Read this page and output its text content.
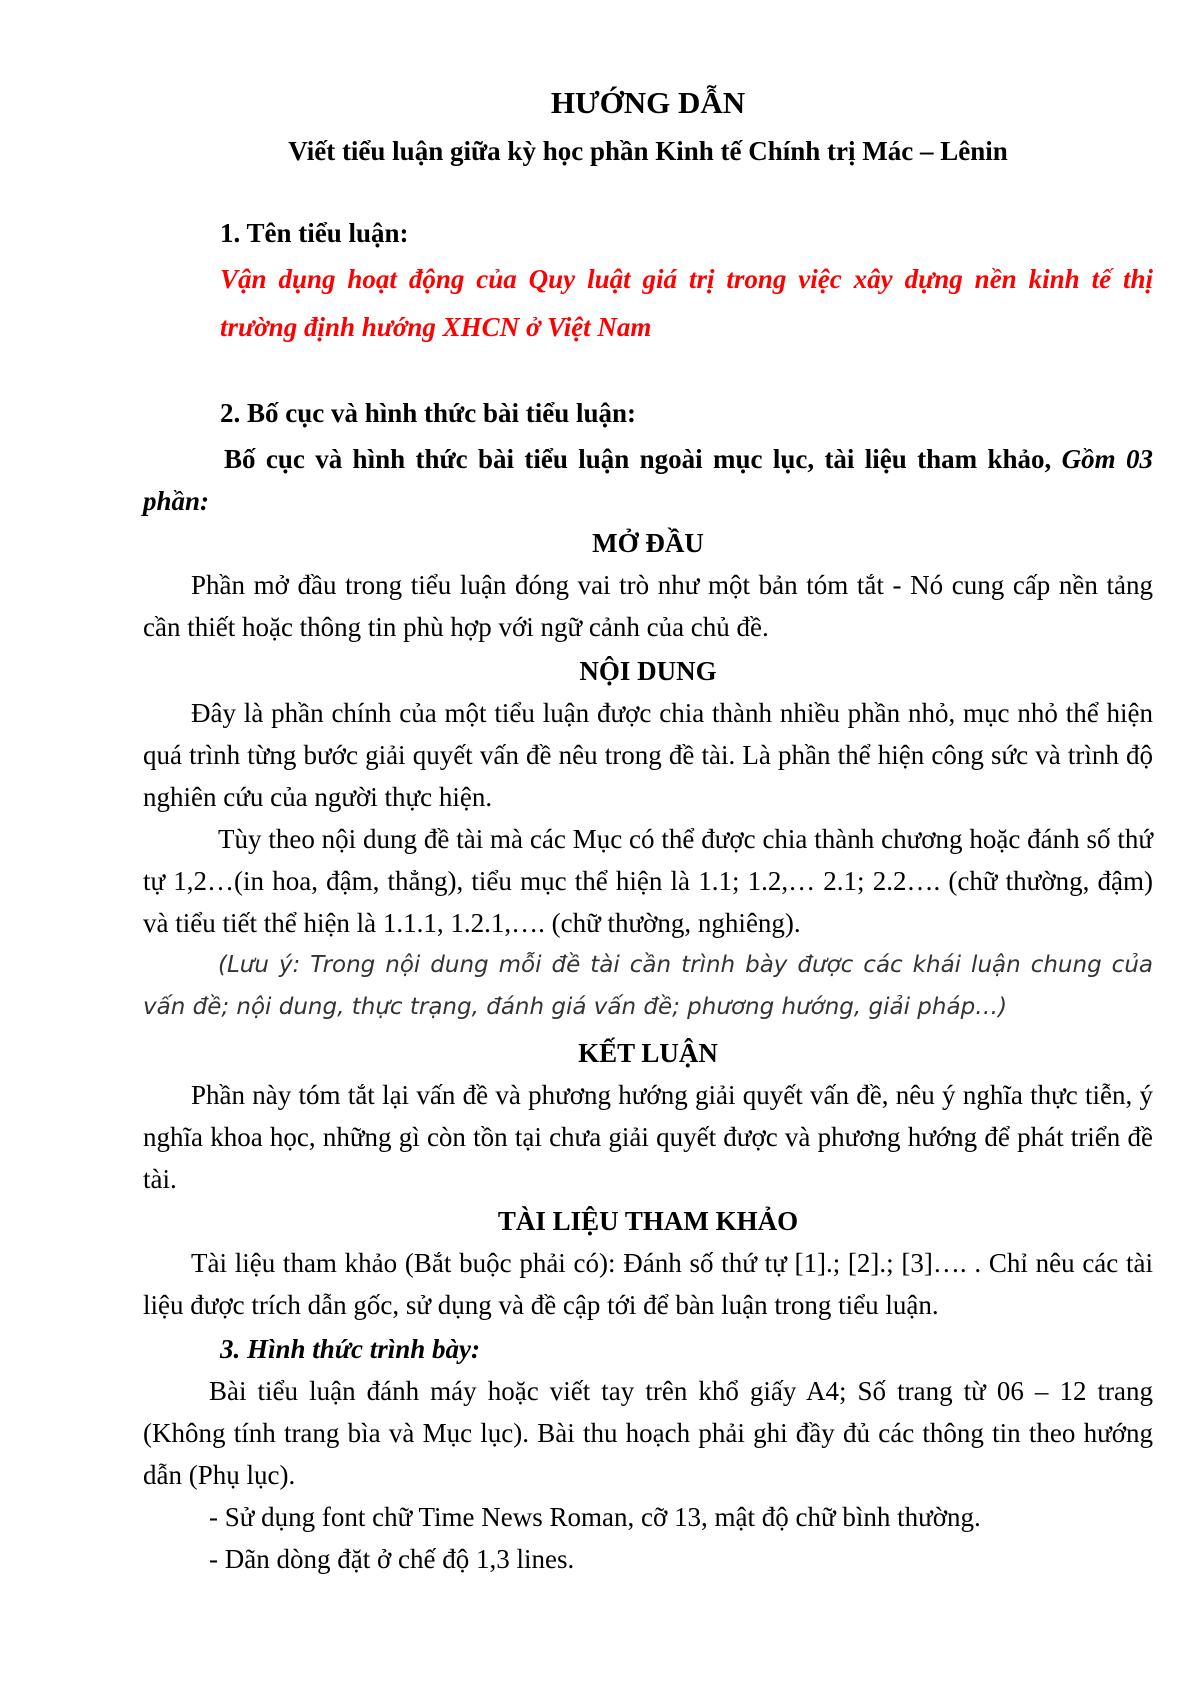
HƯỚNG DẪN
Viết tiểu luận giữa kỳ học phần Kinh tế Chính trị Mác – Lênin
1. Tên tiểu luận:
Vận dụng hoạt động của Quy luật giá trị trong việc xây dựng nền kinh tế thị
trường định hướng XHCN ở Việt Nam
2. Bố cục và hình thức bài tiểu luận:
Bố cục và hình thức bài tiểu luận ngoài mục lục, tài liệu tham khảo, Gồm 03 phần:
MỞ ĐẦU
Phần mở đầu trong tiểu luận đóng vai trò như một bản tóm tắt - Nó cung cấp nền tảng cần thiết hoặc thông tin phù hợp với ngữ cảnh của chủ đề.
NỘI DUNG
Đây là phần chính của một tiểu luận được chia thành nhiều phần nhỏ, mục nhỏ thể hiện quá trình từng bước giải quyết vấn đề nêu trong đề tài. Là phần thể hiện công sức và trình độ nghiên cứu của người thực hiện.
Tùy theo nội dung đề tài mà các Mục có thể được chia thành chương hoặc đánh số thứ tự 1,2…(in hoa, đậm, thẳng), tiểu mục thể hiện là 1.1; 1.2,… 2.1; 2.2…. (chữ thường, đậm) và tiểu tiết thể hiện là 1.1.1, 1.2.1,…. (chữ thường, nghiêng).
(Lưu ý: Trong nội dung mỗi đề tài cần trình bày được các khái luận chung của vấn đề; nội dung, thực trạng, đánh giá vấn đề; phương hướng, giải pháp…)
KẾT LUẬN
Phần này tóm tắt lại vấn đề và phương hướng giải quyết vấn đề, nêu ý nghĩa thực tiễn, ý nghĩa khoa học, những gì còn tồn tại chưa giải quyết được và phương hướng để phát triển đề tài.
TÀI LIỆU THAM KHẢO
Tài liệu tham khảo (Bắt buộc phải có): Đánh số thứ tự [1].; [2].; [3]…. . Chỉ nêu các tài liệu được trích dẫn gốc, sử dụng và đề cập tới để bàn luận trong tiểu luận.
3. Hình thức trình bày:
Bài tiểu luận đánh máy hoặc viết tay trên khổ giấy A4; Số trang từ 06 – 12 trang (Không tính trang bìa và Mục lục). Bài thu hoạch phải ghi đầy đủ các thông tin theo hướng dẫn (Phụ lục).
- Sử dụng font chữ Time News Roman, cỡ 13, mật độ chữ bình thường.
- Dãn dòng đặt ở chế độ 1,3 lines.
